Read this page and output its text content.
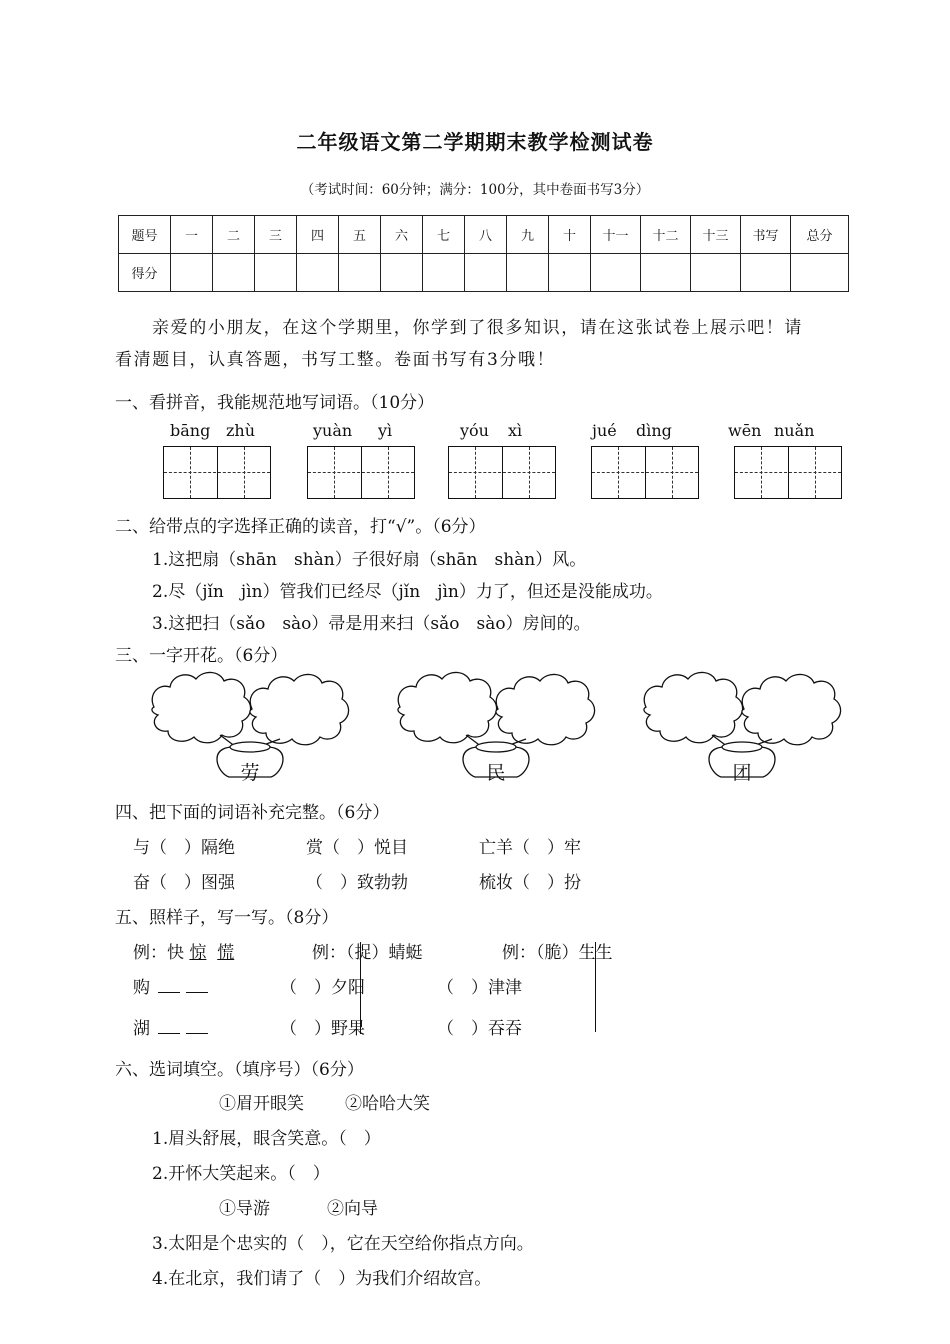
二年级语文第二学期期末教学检测试卷
（考试时间：60分钟；满分：100分，其中卷面书写3分）
题号	一	二	三	四	五	六	七	八	九	十	十一	十二	十三	书写	总分
得分															
亲爱的小朋友，在这个学期里，你学到了很多知识，请在这张试卷上展示吧！请
看清题目，认真答题，书写工整。卷面书写有3分哦！
一、看拼音，我能规范地写词语。（10分）
bāng zhù	yuàn yì	yóu xì	jué dìng	wēn nuǎn
二、给带点的字选择正确的读音，打“√”。（6分）
1.这把扇（shān　shàn）子很好扇（shān　shàn）风。
2.尽（jǐn　jìn）管我们已经尽（jǐn　jìn）力了，但还是没能成功。
3.这把扫（sǎo　sào）帚是用来扫（sǎo　sào）房间的。
三、一字开花。（6分）
劳	民	团
四、把下面的词语补充完整。（6分）
与（　）隔绝	赏（　）悦目	亡羊（　）牢
奋（　）图强	（　）致勃勃	梳妆（　）扮
五、照样子，写一写。（8分）
例：快 惊 慌	例：（捉）蜻蜓	例：（脆）生生
购	（　）夕阳	（　）津津
湖	（　）野果	（　）吞吞
六、选词填空。（填序号）（6分）
①眉开眼笑 ②哈哈大笑
1.眉头舒展，眼含笑意。（　）
2.开怀大笑起来。（　）
①导游	②向导
3.太阳是个忠实的（　），它在天空给你指点方向。
4.在北京，我们请了（　）为我们介绍故宫。
